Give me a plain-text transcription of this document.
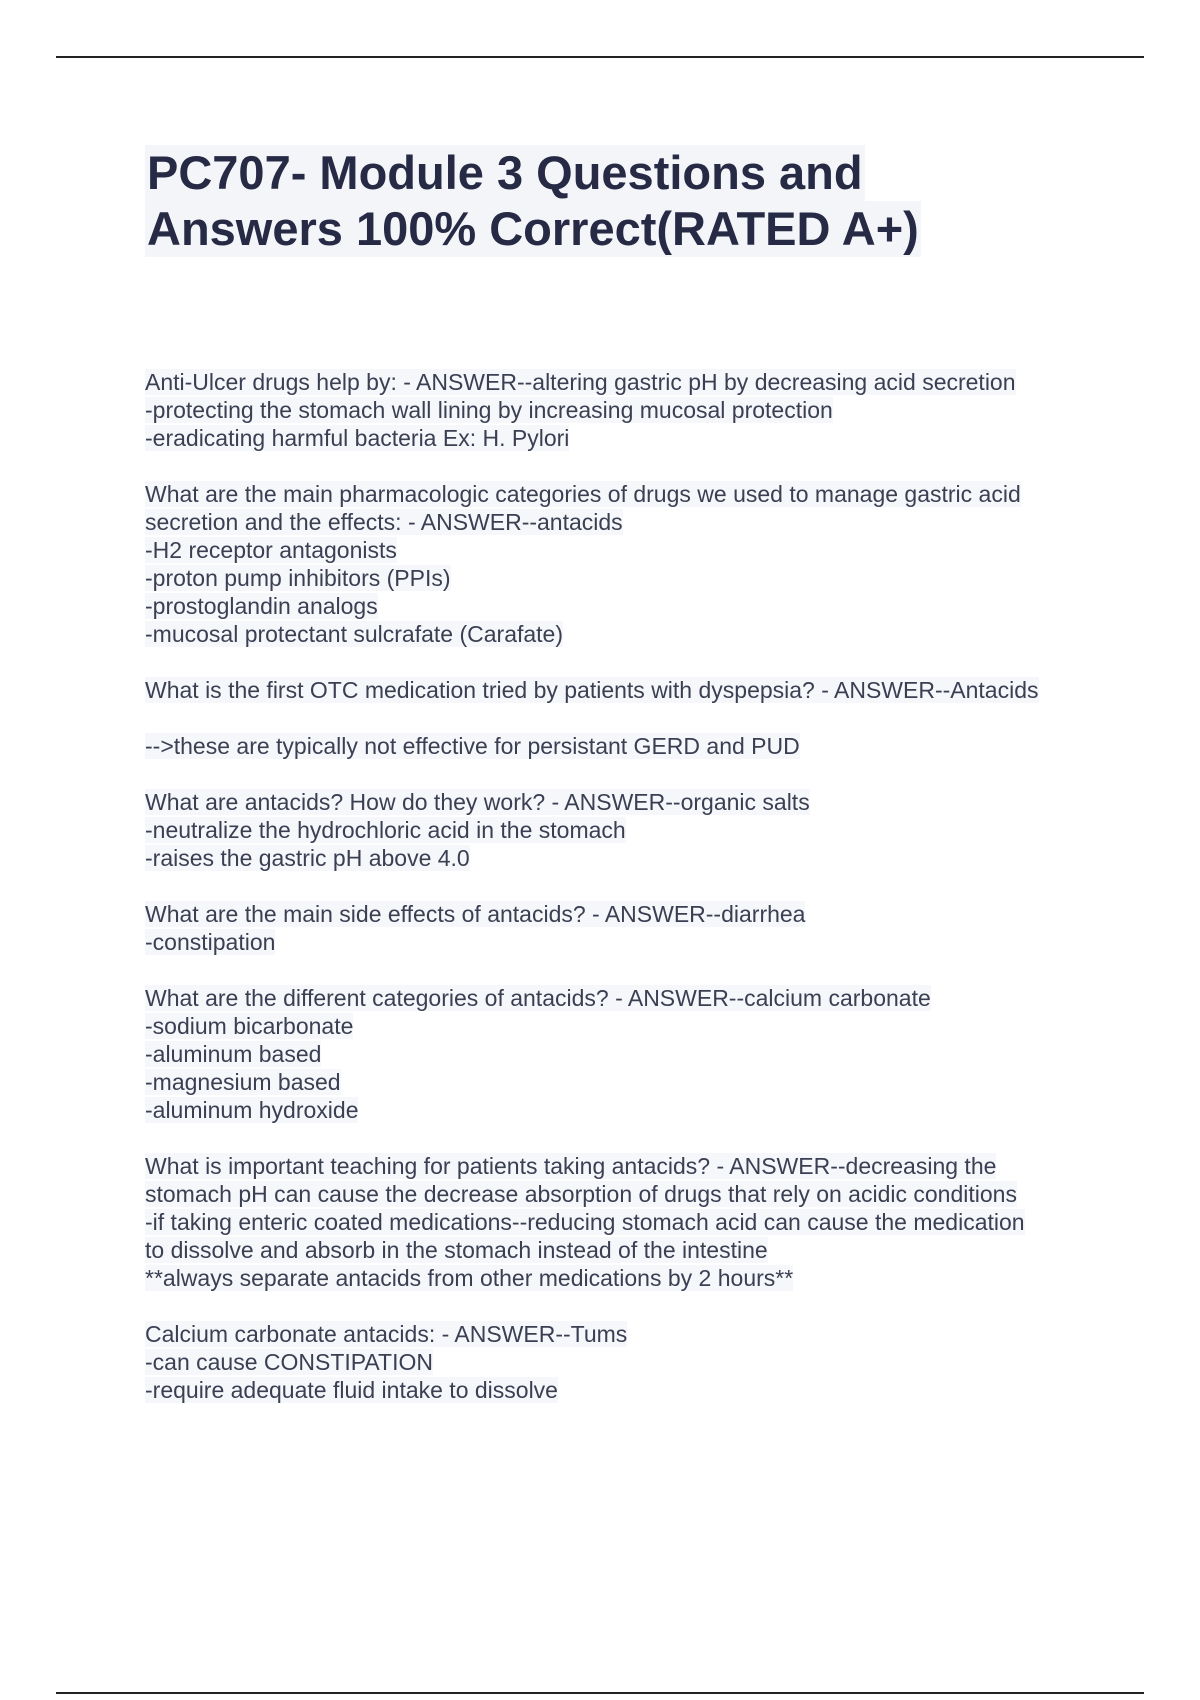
PC707- Module 3 Questions and
Answers 100% Correct(RATED A+)
Anti-Ulcer drugs help by: - ANSWER--altering gastric pH by decreasing acid secretion
-protecting the stomach wall lining by increasing mucosal protection
-eradicating harmful bacteria Ex: H. Pylori
What are the main pharmacologic categories of drugs we used to manage gastric acid
secretion and the effects: - ANSWER--antacids
-H2 receptor antagonists
-proton pump inhibitors (PPIs)
-prostoglandin analogs
-mucosal protectant sulcrafate (Carafate)
What is the first OTC medication tried by patients with dyspepsia? - ANSWER--Antacids
-->these are typically not effective for persistant GERD and PUD
What are antacids? How do they work? - ANSWER--organic salts
-neutralize the hydrochloric acid in the stomach
-raises the gastric pH above 4.0
What are the main side effects of antacids? - ANSWER--diarrhea
-constipation
What are the different categories of antacids? - ANSWER--calcium carbonate
-sodium bicarbonate
-aluminum based
-magnesium based
-aluminum hydroxide
What is important teaching for patients taking antacids? - ANSWER--decreasing the
stomach pH can cause the decrease absorption of drugs that rely on acidic conditions
-if taking enteric coated medications--reducing stomach acid can cause the medication
to dissolve and absorb in the stomach instead of the intestine
**always separate antacids from other medications by 2 hours**
Calcium carbonate antacids: - ANSWER--Tums
-can cause CONSTIPATION
-require adequate fluid intake to dissolve
